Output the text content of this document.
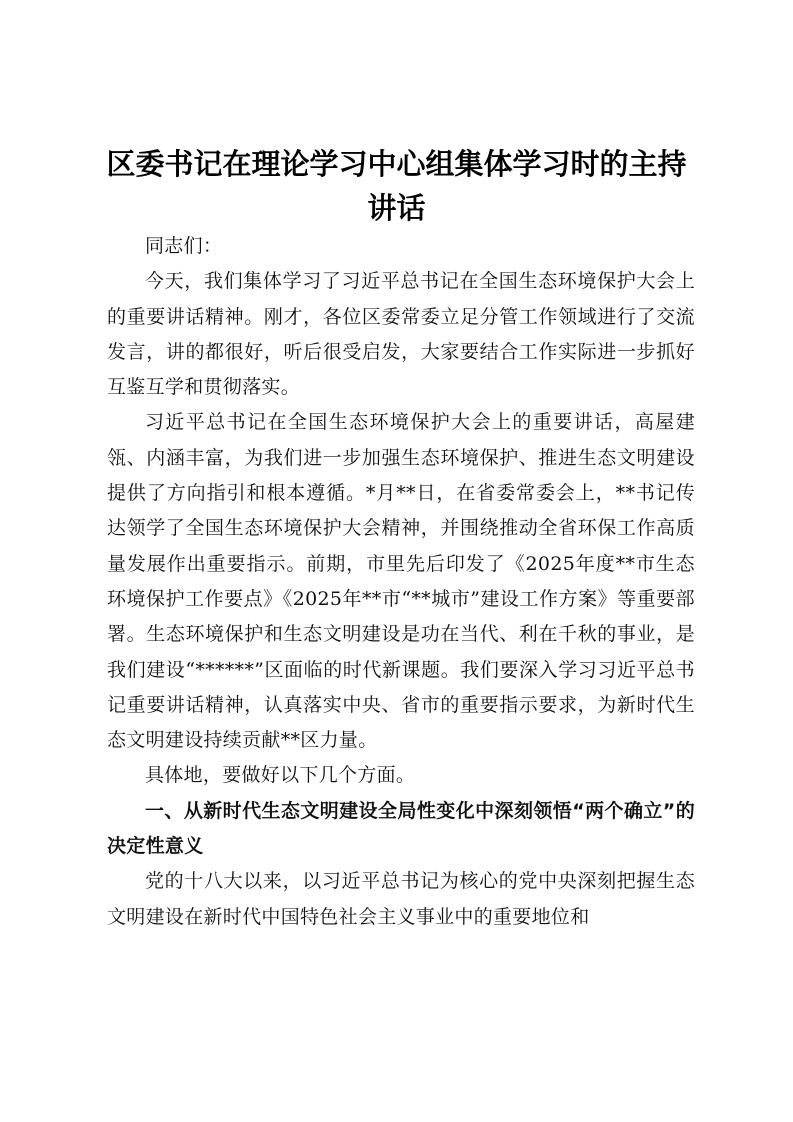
区委书记在理论学习中心组集体学习时的主持
讲话

同志们：

今天，我们集体学习了习近平总书记在全国生态环境保护大会上的重要讲话精神。刚才，各位区委常委立足分管工作领域进行了交流发言，讲的都很好，听后很受启发，大家要结合工作实际进一步抓好互鉴互学和贯彻落实。

习近平总书记在全国生态环境保护大会上的重要讲话，高屋建瓴、内涵丰富，为我们进一步加强生态环境保护、推进生态文明建设提供了方向指引和根本遵循。*月**日，在省委常委会上，**书记传达领学了全国生态环境保护大会精神，并围绕推动全省环保工作高质量发展作出重要指示。前期，市里先后印发了《2025年度**市生态环境保护工作要点》《2025年**市“**城市”建设工作方案》等重要部署。生态环境保护和生态文明建设是功在当代、利在千秋的事业，是我们建设“******”区面临的时代新课题。我们要深入学习习近平总书记重要讲话精神，认真落实中央、省市的重要指示要求，为新时代生态文明建设持续贡献**区力量。

具体地，要做好以下几个方面。

一、从新时代生态文明建设全局性变化中深刻领悟“两个确立”的决定性意义

党的十八大以来，以习近平总书记为核心的党中央深刻把握生态文明建设在新时代中国特色社会主义事业中的重要地位和
